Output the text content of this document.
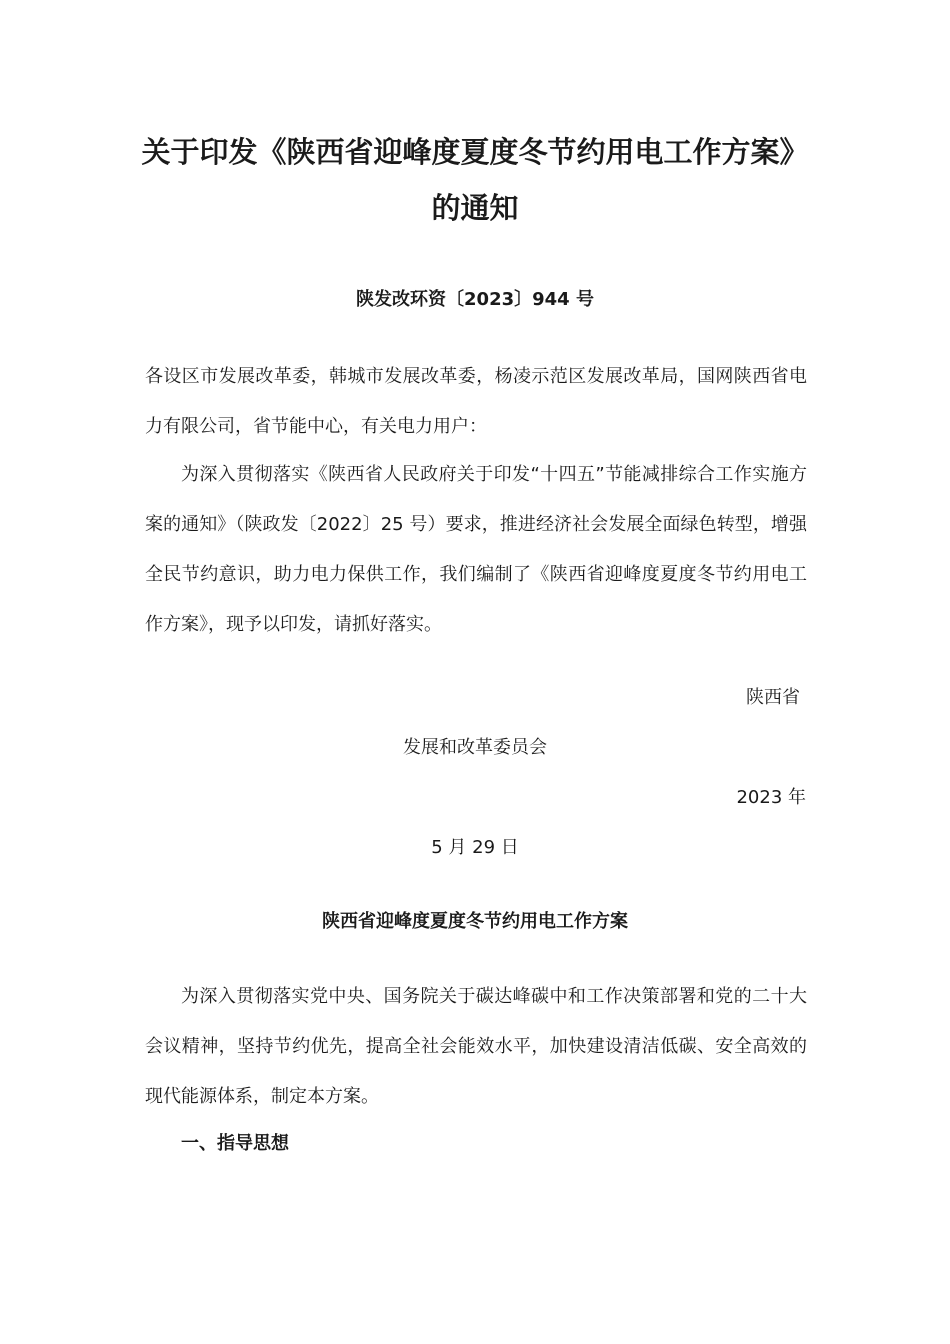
关于印发《陕西省迎峰度夏度冬节约用电工作方案》
的通知

陕发改环资〔2023〕944 号

各设区市发展改革委，韩城市发展改革委，杨凌示范区发展改革局，国网陕西省电力有限公司，省节能中心，有关电力用户：

为深入贯彻落实《陕西省人民政府关于印发“十四五”节能减排综合工作实施方案的通知》（陕政发〔2022〕25 号）要求，推进经济社会发展全面绿色转型，增强全民节约意识，助力电力保供工作，我们编制了《陕西省迎峰度夏度冬节约用电工作方案》，现予以印发，请抓好落实。

陕西省

发展和改革委员会

2023 年

5 月 29 日

陕西省迎峰度夏度冬节约用电工作方案

为深入贯彻落实党中央、国务院关于碳达峰碳中和工作决策部署和党的二十大会议精神，坚持节约优先，提高全社会能效水平，加快建设清洁低碳、安全高效的现代能源体系，制定本方案。

一、指导思想
